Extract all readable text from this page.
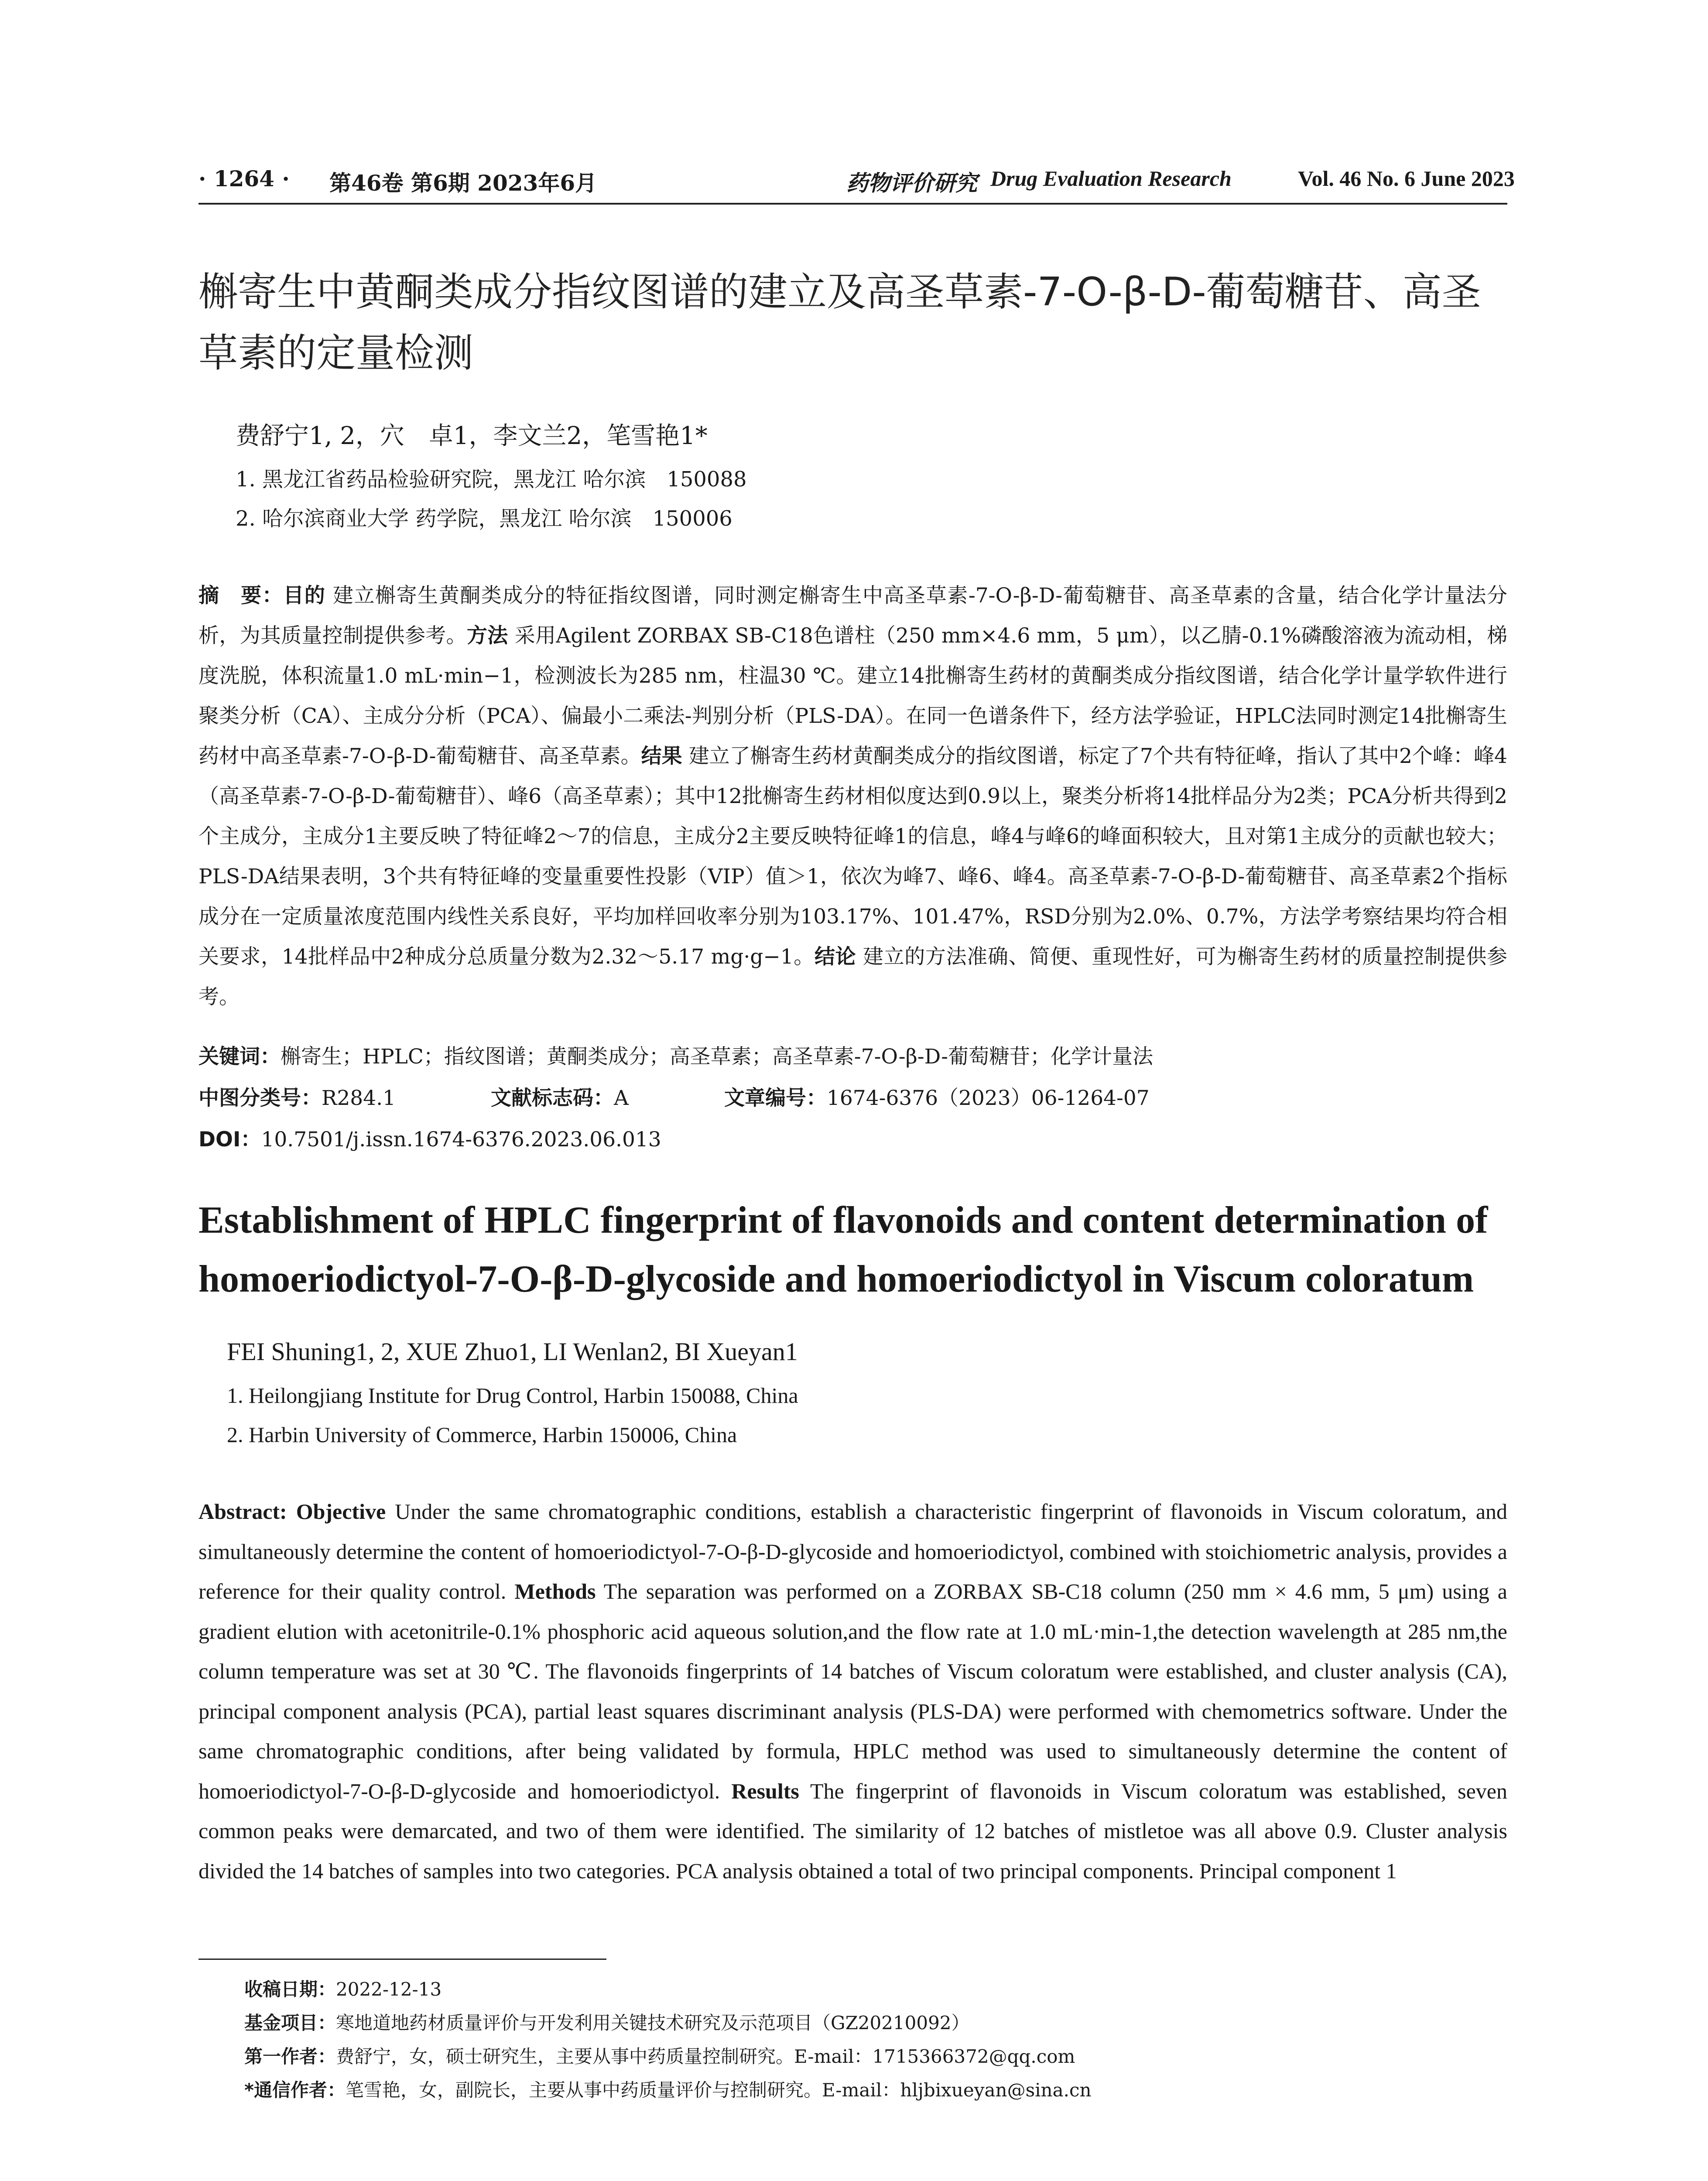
· 1264 · 第46卷 第6期 2023年6月	药物评价研究 Drug Evaluation Research	Vol. 46 No. 6 June 2023
槲寄生中黄酮类成分指纹图谱的建立及高圣草素-7-O-β-D-葡萄糖苷、高圣草素的定量检测
费舒宁1, 2，穴　卓1，李文兰2，笔雪艳1*
1. 黑龙江省药品检验研究院，黑龙江 哈尔滨　150088
2. 哈尔滨商业大学 药学院，黑龙江 哈尔滨　150006
摘　要：目的 建立槲寄生黄酮类成分的特征指纹图谱，同时测定槲寄生中高圣草素-7-O-β-D-葡萄糖苷、高圣草素的含量，结合化学计量法分析，为其质量控制提供参考。方法 采用Agilent ZORBAX SB-C18色谱柱（250 mm×4.6 mm，5 μm），以乙腈-0.1%磷酸溶液为流动相，梯度洗脱，体积流量1.0 mL·min−1，检测波长为285 nm，柱温30 ℃。建立14批槲寄生药材的黄酮类成分指纹图谱，结合化学计量学软件进行聚类分析（CA）、主成分分析（PCA）、偏最小二乘法-判别分析（PLS-DA）。在同一色谱条件下，经方法学验证，HPLC法同时测定14批槲寄生药材中高圣草素-7-O-β-D-葡萄糖苷、高圣草素。结果 建立了槲寄生药材黄酮类成分的指纹图谱，标定了7个共有特征峰，指认了其中2个峰：峰4（高圣草素-7-O-β-D-葡萄糖苷）、峰6（高圣草素）；其中12批槲寄生药材相似度达到0.9以上，聚类分析将14批样品分为2类；PCA分析共得到2个主成分，主成分1主要反映了特征峰2～7的信息，主成分2主要反映特征峰1的信息，峰4与峰6的峰面积较大，且对第1主成分的贡献也较大；PLS-DA结果表明，3个共有特征峰的变量重要性投影（VIP）值＞1，依次为峰7、峰6、峰4。高圣草素-7-O-β-D-葡萄糖苷、高圣草素2个指标成分在一定质量浓度范围内线性关系良好，平均加样回收率分别为103.17%、101.47%，RSD分别为2.0%、0.7%，方法学考察结果均符合相关要求，14批样品中2种成分总质量分数为2.32～5.17 mg·g−1。结论 建立的方法准确、简便、重现性好，可为槲寄生药材的质量控制提供参考。
关键词：槲寄生；HPLC；指纹图谱；黄酮类成分；高圣草素；高圣草素-7-O-β-D-葡萄糖苷；化学计量法
中图分类号：R284.1	文献标志码：A	文章编号：1674-6376（2023）06-1264-07
DOI：10.7501/j.issn.1674-6376.2023.06.013
Establishment of HPLC fingerprint of flavonoids and content determination of homoeriodictyol-7-O-β-D-glycoside and homoeriodictyol in Viscum coloratum
FEI Shuning1, 2, XUE Zhuo1, LI Wenlan2, BI Xueyan1
1. Heilongjiang Institute for Drug Control, Harbin 150088, China
2. Harbin University of Commerce, Harbin 150006, China
Abstract: Objective Under the same chromatographic conditions, establish a characteristic fingerprint of flavonoids in Viscum coloratum, and simultaneously determine the content of homoeriodictyol-7-O-β-D-glycoside and homoeriodictyol, combined with stoichiometric analysis, provides a reference for their quality control. Methods The separation was performed on a ZORBAX SB-C18 column (250 mm × 4.6 mm, 5 μm) using a gradient elution with acetonitrile-0.1% phosphoric acid aqueous solution,and the flow rate at 1.0 mL·min-1,the detection wavelength at 285 nm,the column temperature was set at 30 ℃. The flavonoids fingerprints of 14 batches of Viscum coloratum were established, and cluster analysis (CA), principal component analysis (PCA), partial least squares discriminant analysis (PLS-DA) were performed with chemometrics software. Under the same chromatographic conditions, after being validated by formula, HPLC method was used to simultaneously determine the content of homoeriodictyol-7-O-β-D-glycoside and homoeriodictyol. Results The fingerprint of flavonoids in Viscum coloratum was established, seven common peaks were demarcated, and two of them were identified. The similarity of 12 batches of mistletoe was all above 0.9. Cluster analysis divided the 14 batches of samples into two categories. PCA analysis obtained a total of two principal components. Principal component 1
收稿日期：2022-12-13
基金项目：寒地道地药材质量评价与开发利用关键技术研究及示范项目（GZ20210092）
第一作者：费舒宁，女，硕士研究生，主要从事中药质量控制研究。E-mail：1715366372@qq.com
*通信作者：笔雪艳，女，副院长，主要从事中药质量评价与控制研究。E-mail：hljbixueyan@sina.cn
